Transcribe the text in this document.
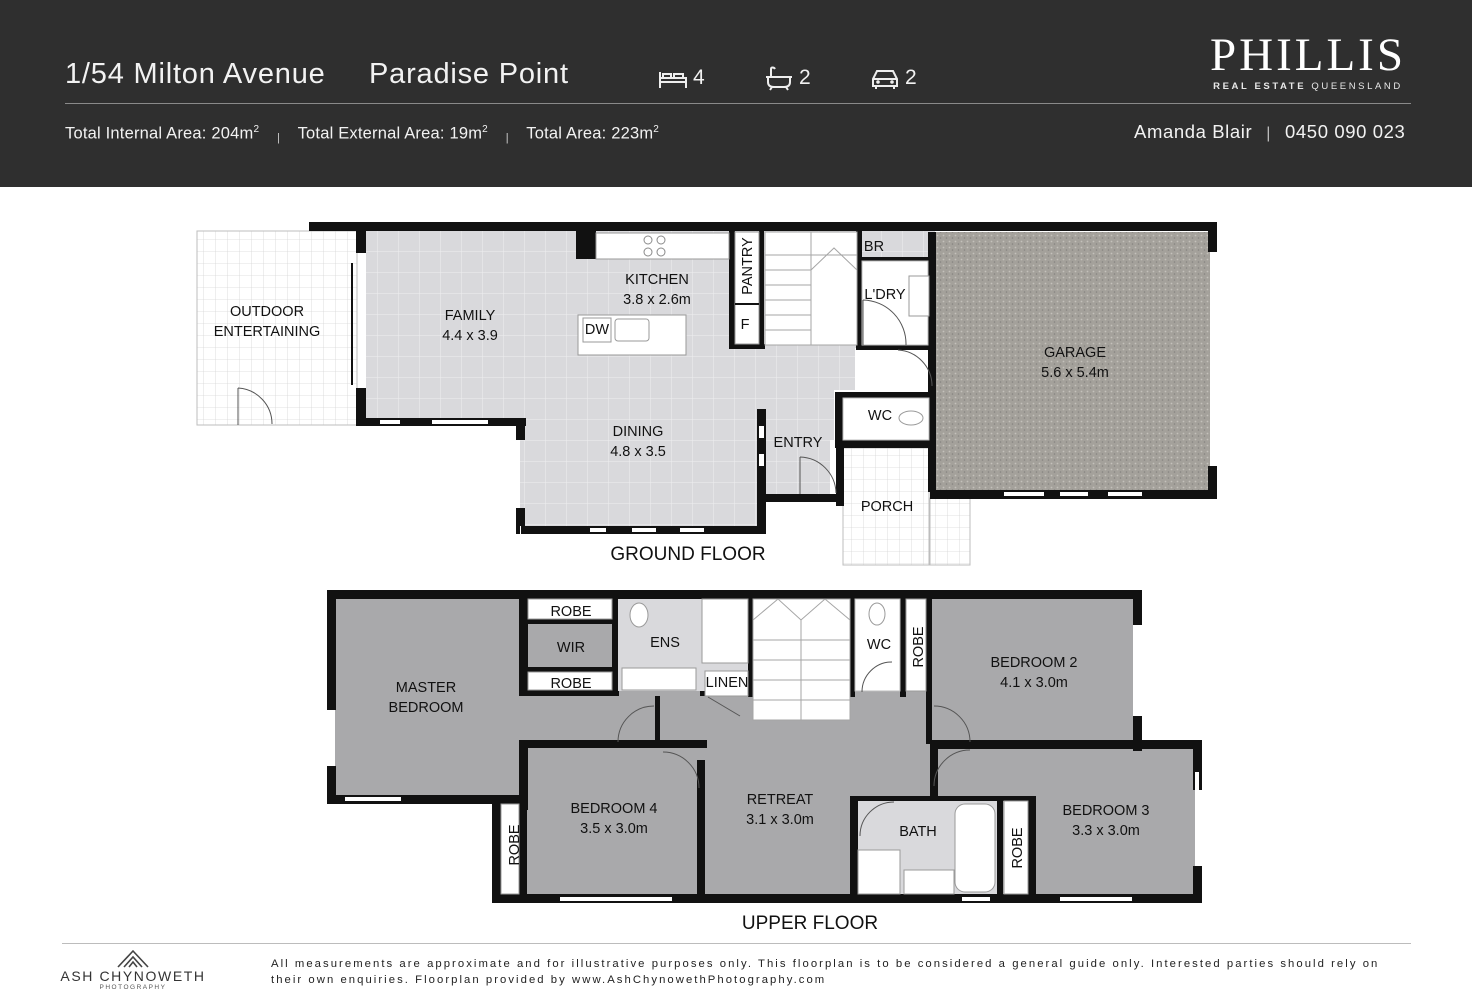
1/54 Milton Avenue Paradise Point	4	2	2
Total Internal Area: $204m^2$ | Total External Area: $19m^2$ | Total Area: $223m^2$
PHILLIS
REAL ESTATE QUEENSLAND
Amanda Blair | 0450 090 023
OUTDOOR
ENTERTAINING
FAMILY
4.4 x 3.9
KITCHEN
3.8 x 2.6m
DW
PANTRY
F
BR
L'DRY
GARAGE
5.6 x 5.4m
DINING
4.8 x 3.5
ENTRY
WC
PORCH
GROUND FLOOR
ROBE
WIR
ROBE
ENS
LINEN
WC ROBE
MASTER
BEDROOM
BEDROOM 2
4.1 x 3.0m
BEDROOM 4
3.5 x 3.0m
RETREAT
3.1 x 3.0m
BATH
BEDROOM 3
3.3 x 3.0m
ROBE	ROBE
UPPER FLOOR
ASH CHYNOWETH
PHOTOGRAPHY
All measurements are approximate and for illustrative purposes only. This floorplan is to be considered a general guide only. Interested parties should rely on their own enquiries. Floorplan provided by www.AshChynowethPhotography.com
